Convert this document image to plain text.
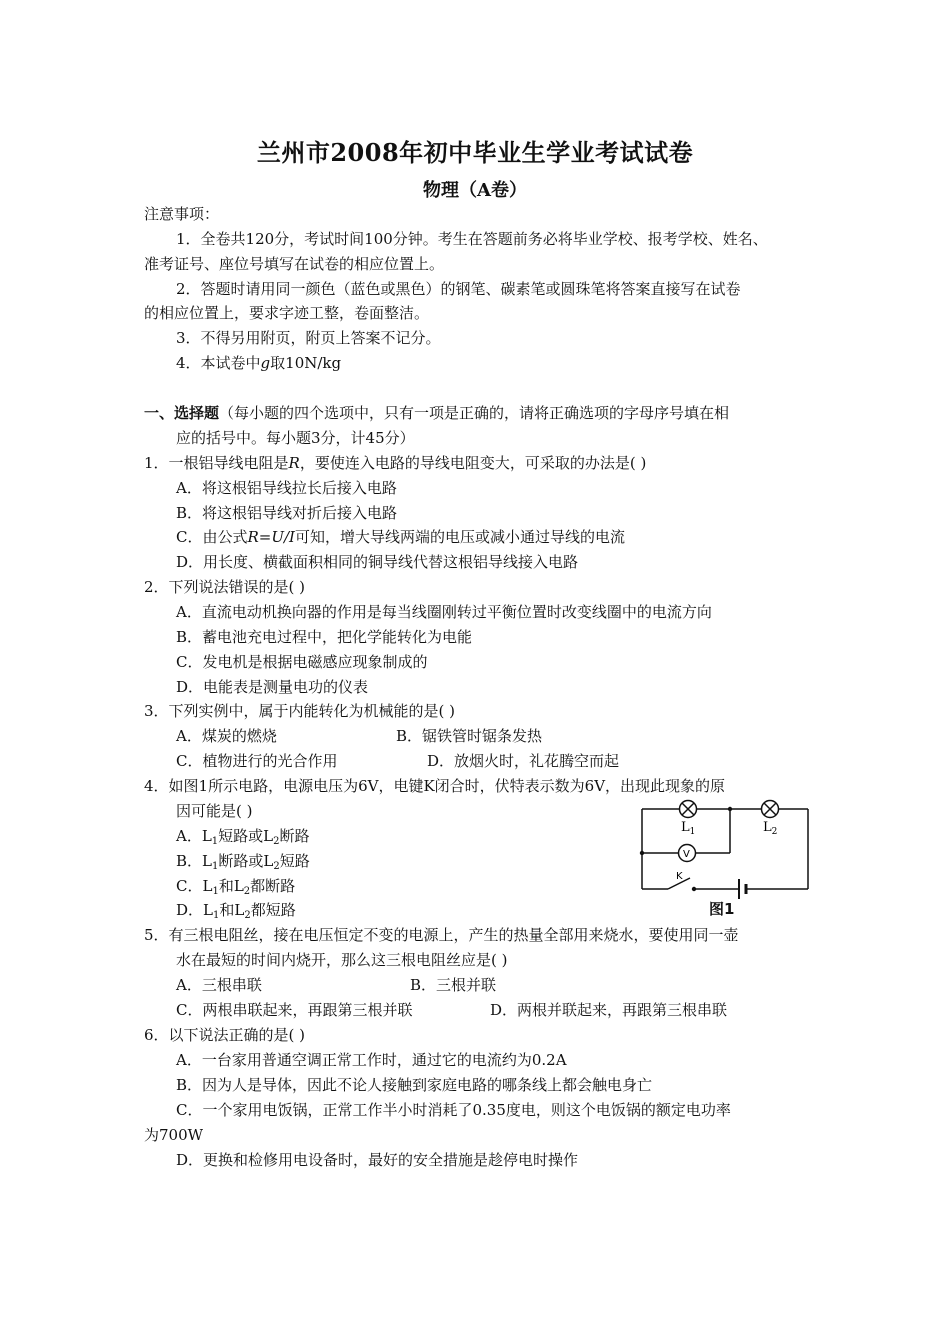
兰州市2008年初中毕业生学业考试试卷
物理（A卷）
注意事项：
1．全卷共120分，考试时间100分钟。考生在答题前务必将毕业学校、报考学校、姓名、
准考证号、座位号填写在试卷的相应位置上。
2．答题时请用同一颜色（蓝色或黑色）的钢笔、碳素笔或圆珠笔将答案直接写在试卷
的相应位置上，要求字迹工整，卷面整洁。
3．不得另用附页，附页上答案不记分。
4．本试卷中g取10N/kg
一、选择题（每小题的四个选项中，只有一项是正确的，请将正确选项的字母序号填在相
应的括号中。每小题3分，计45分）
1．一根铝导线电阻是R，要使连入电路的导线电阻变大，可采取的办法是( )
A．将这根铝导线拉长后接入电路
B．将这根铝导线对折后接入电路
C．由公式R=U/I可知，增大导线两端的电压或减小通过导线的电流
D．用长度、横截面积相同的铜导线代替这根铝导线接入电路
2．下列说法错误的是( )
A．直流电动机换向器的作用是每当线圈刚转过平衡位置时改变线圈中的电流方向
B．蓄电池充电过程中，把化学能转化为电能
C．发电机是根据电磁感应现象制成的
D．电能表是测量电功的仪表
3．下列实例中，属于内能转化为机械能的是( )
A．煤炭的燃烧	B．锯铁管时锯条发热
C．植物进行的光合作用	D．放烟火时，礼花腾空而起
4．如图1所示电路，电源电压为6V，电键K闭合时，伏特表示数为6V，出现此现象的原
因可能是( )
A．$L_1$短路或$L_2$断路
B．$L_1$断路或$L_2$短路
C．$L_1$和$L_2$都断路
D．$L_1$和$L_2$都短路
$L_1$	$L_2$
V
K
图1
5．有三根电阻丝，接在电压恒定不变的电源上，产生的热量全部用来烧水，要使用同一壶
水在最短的时间内烧开，那么这三根电阻丝应是( )
A．三根串联	B．三根并联
C．两根串联起来，再跟第三根并联	D．两根并联起来，再跟第三根串联
6．以下说法正确的是( )
A．一台家用普通空调正常工作时，通过它的电流约为0.2A
B．因为人是导体，因此不论人接触到家庭电路的哪条线上都会触电身亡
C．一个家用电饭锅，正常工作半小时消耗了0.35度电，则这个电饭锅的额定电功率
为700W
D．更换和检修用电设备时，最好的安全措施是趁停电时操作
